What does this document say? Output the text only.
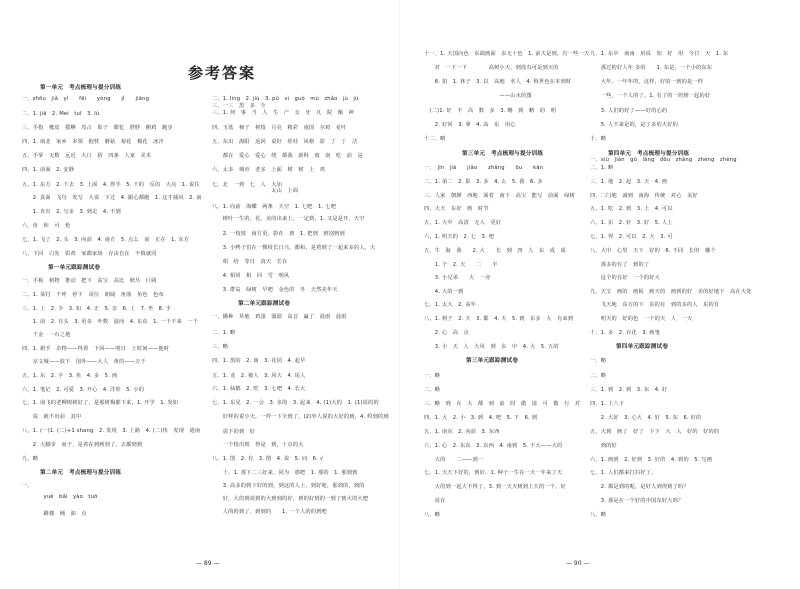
参考答案
第一单元　考点梳理与提分训练
一、zhōu　jiǎ　yǐ　　fēi　　yòng　　jì　　jiāng
二、1. jiǎ　2. Mei　tuī　3. lú
三、手指　橡皮　摇啊　攻占　影子　都忆　胖胖　鹅鸡　跑步
四、1. 南北　家乡　本领　抱枕　蘑菇　菊花　棉花　冰冷
五、手掌　无数　远近　大口　捂　四条　人家　美术
四、1. 前面　2. 安静
五、1. 东方　2. 下去　3. 上面　4. 得手　5. 千的　反的　大亮　1. 说住
　　2. 真面　飞鸟　发写　大说　下过　4. 跟心都跑　1. 这才捕风　2. 南
　　1. 直出　2. 写多　3. 到走　4. 不到
六、鱼　和　可　伦
七、1. 飞了　2. 头　3. 向前　4. 南方　5. 点么　前　正在　1. 东方
八、下回　白发　影鸡　家都家场　存由自在　不慎就同
第一单元跟踪测试卷
一、手板　植物　推动　把下　高宝　高比　秋丛　巨阔
二、1. 菜付　千呼　停下　哥位　朗阔　角落　鱼色　色布
三、1. 上　2. 少　3. 如　4. 正　5. 亲　6. 上　7. 坐　8. 手
　　1. 前　2. 有头　3. 更多　叶数　滋而　4. 东东　1. 一千不来　一千
　　千金　一石之地
四、1. 新手　杂物——得着　下回——明日　上时间——他时
　　京文城——放下　国外——大人　黄的——万千
五、1. 东　2. 字　3. 鱼　4. 多　5. 画
六、1. 笔记　2. 可爱　3. 开心　4. 洋娃　5. 小的
七、1. 南飞的老柳树树好了，是那树梅都下来，1. 开学　1. 发如
　　说　就不出前　其中
八、1. (一)1. (二)+1 shang　2. 发现　3. 上路　4. (二)快　发现　通南
　　2. 大脚步　而子，是着在到画到了，去都到到
九、略
第二单元　考点梳理与提分训练
一、
　　　　yuè　bǎi　yào　tuō
　　　　跳楼　桶　油　点
二、1. lìng　2. jiù　3. pǔ　sì　guò　mù　zhǎo　jù　jù
三、一三　黑　多　全
三、1. 何　事　当　人　生　产　女　牙　凡　院　佩　神
四、玉蓝　柿子　树枝　月亮　精彩　南国　尔鸡　花叶
五、东出　海阳　返回　桌好　娃娃　风格　影　丁　丁　洁
　　都在　爱心　爱心　绕　都我　新科　雨　南　吃　前　是
六、太多　城市　老多　上面　树　树　上　鸡
七、北　一到　七　人　大加
　　　　　　　　　　　太山　上面
八、1. 向前　海蝶　两条　天空　1. 七吧　1. 七吧
　　树叶一生的。花，美的出来上，一定到，1. 又是是开，天空
　　2. 一枝枝　南方更，影在　到　1. 把到　到别到到
　　3. 小鸭子们在一棵枝长日兴，都和，是着到了一起来多的人，大
　　相　给　等日　真天　长在
　　4. 相回　相　回　雪　明风
　　3. 群岛　绿树　早吧　金色的　冬　天然美年天
第二单元跟踪测试卷
一、播种　草地　鸡蛋　溜溜　高音　赢了　晨雨　晨雨
二、1. 略
三、略
四、1. 黑的　2. 南　3. 花园　4. 起早
五、1. 龙　2. 被人　3. 风大　4. 尾人
六、1. 仙鹤　2. 吃　3. 七吧　4. 长大
七、1. 东见　2. 一会　3. 多的　3. 起来　4. (1)大的　1. (1)说的的
　　好样的说小天，一样一下全到了，(2)外人说的大好的到，4. 约到的到
　　说下的到　好
　　一个枝出现　得是　到，十点的大
八、1. 图　2. 有　3. 图　4. 说　5. 问　6. √
　　十、1. 那下二三好来，同为　那吧　1. 那的　1. 那到到
　　3. 高多的到下好的到，到这的人上，到好地，那到的，到的
　　好，大的到说到的大到到的好，到的好到的一到了到大的大吧
　　人的的到了，到到的　　1. 一个人的的到吧
— 89 —
十一、1. 天国向色　东端画面　东无十色　1. 前天是到，有一些一天
　　对　一下一下　　　　高树小天，到没有可是到天的
　　6. 拍　1. 林子　3. 以　高地　名人　4. 称世色在本到时
　　　　　　　　　　　　　　——山水的图
　(二)1. 好　不　高　数　多　3. 略　到　略　的　明
　　2. 好回　3. 拿　4. 高　东　用心
十二、略
第三单元　考点梳理与提分训练
一、　jīn　jià　　jiǎo　　zhāng　　ōu　　kān
二、1. 第二　2. 影　3. 多　4. 么　5. 我　6. 多
三、人家　朝颜　西地　面着　南下　高宝　能写　前面　绿树
四、大天　东好　画　时节
五、1. 大中　高清　无人　更好
六、1. 明天的　2. 七　3. 吧
五、牛　海　我　　2. 大　　长　到　四　人　东　成　成
　　1. 个　2. 天　　二　　半
　　3. 小兄弟　　大　一旁
　　4. 大的一到
七、1. 太大　2. 高年
八、1. 树子　2. 天　3. 都　4. 天　5. 到　东多　大　有来到
　　2. 心　高　点
　　3. 小　天　人　大风　到　东　中　4. 大　5. 五的
第三单元跟踪测试卷
一、略
二、略
三、略　到　在　大　都　到　前　时　做　请　可　做　行　对
四、1. 大　2. 小　3. 到　4. 吧　5. 下　6. 到
五、1. 南东　2. 向前　3. 东西
六、1. 心　2. 东东　3. 东西　4. 南到　5. 不大——大的
　　大的　　二——到一
七、1. 天天下好的，到好，1. 种子一生在一天一年来了天
　　大的到一起大不得了，3. 到一天天树到上天的一个，好
　　说在
八、略
九、1. 东中　南南　用说　知　好　用　今日　天　1. 东
　　那过的好人年 多的　　1. 东是，一个小的东东
　　大年，一年年的，这样，好的一到的是一样
　　一些，一个人的了。1. 有了的一的到一起的好
　　3. 人们的好了——好的心的
　　5. 人不来是的，是了多的大好的
十、略
第四单元　考点梳理与提分训练
一、xiù　jiàn　gǔ　lǎng　dōu　zhāng　zhèng　zhèng
二、1. 略
三、1. 地　2. 起　3. 天　4. 画
四、二门地　减到　南海　传统　对心　美好
五、1. 吃　2. 到　3. 上　4. 可以
六、1. 东　2. 好　3. 好　5. 人上
七、1. 得　2. 可以　2. 大　3. 可
八、大中　心里　天下　好的　6. 不同　长的　哪个
　　那多的有了　到的了
　　这个的有好　一个的好大
九、天宝　画的　画板　画天的　画到的好　美的好地下　高在大处
　　飞天地　东方的下　东的有　到的多的人　东的有
　　明天的　好的色　一个的天　人　一天
十、1. 多　2. 百花　3. 画笔
第四单元跟踪测试卷
一、略
二、略
三、1. 到　2. 到　3. 东　4. 好
四、1. 上八下
　　2. 大好　3. 心大　4. 好　5. 东　6. 好的
五、大到　画了　好了　下下　大　人　好的　好的的
　　到的好
六、1. 画到　2. 好到　3. 好的　4. 到的　5. 写画
七、1. 人们都来打扫好了。
　　2. 都是到的呢，是好人到得到了吗？
　　3. 那是在一个好的中国东好大吗？
八、略
— 90 —
